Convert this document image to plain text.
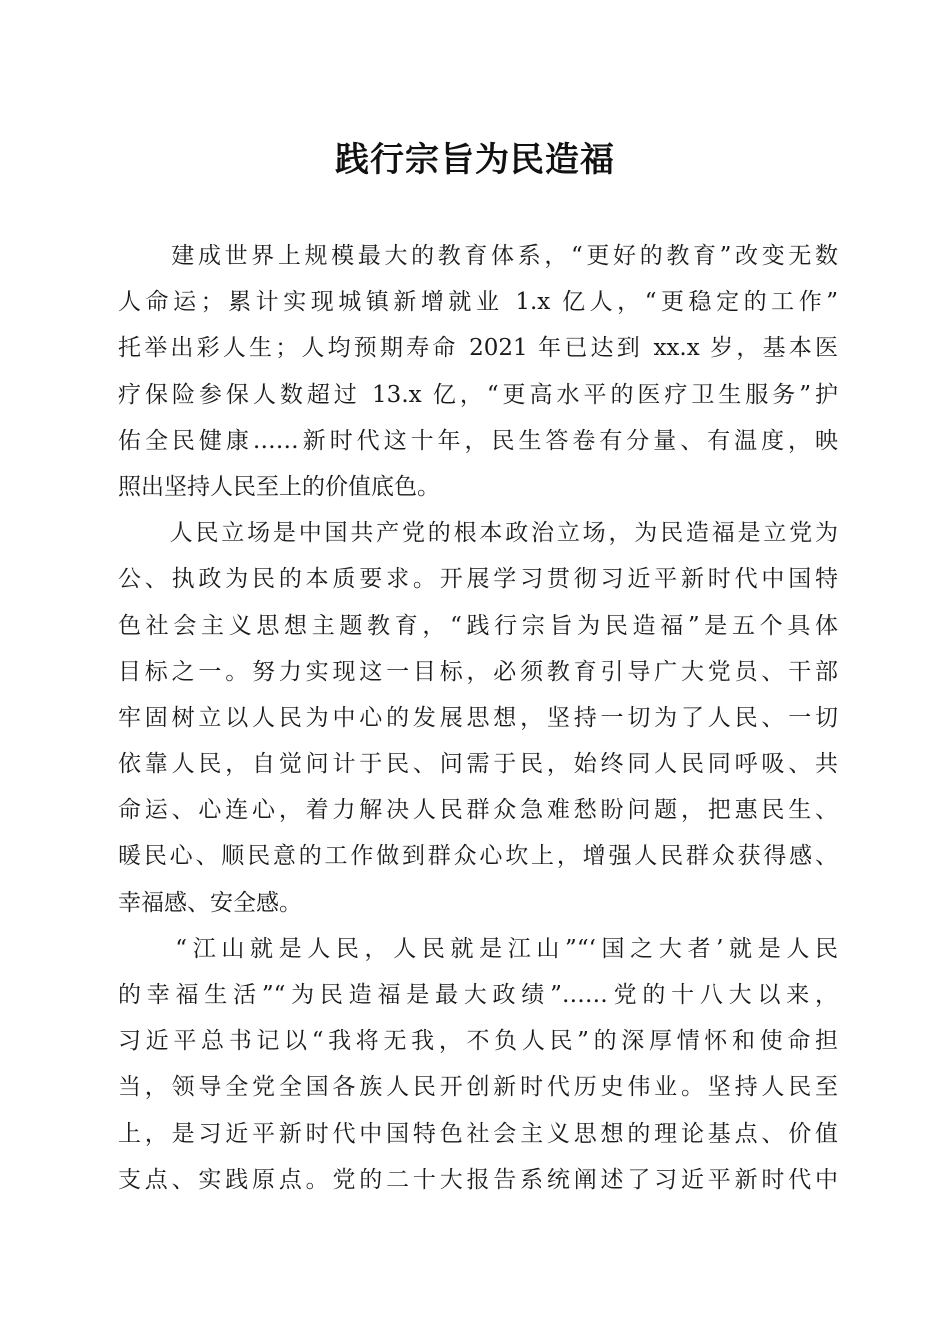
践行宗旨为民造福

　　建成世界上规模最大的教育体系，“更好的教育”改变无数
人命运；累计实现城镇新增就业 1.x 亿人，“更稳定的工作”
托举出彩人生；人均预期寿命 2021 年已达到 xx.x 岁，基本医
疗保险参保人数超过 13.x 亿，“更高水平的医疗卫生服务”护
佑全民健康……新时代这十年，民生答卷有分量、有温度，映
照出坚持人民至上的价值底色。

　　人民立场是中国共产党的根本政治立场，为民造福是立党为
公、执政为民的本质要求。开展学习贯彻习近平新时代中国特
色社会主义思想主题教育，“践行宗旨为民造福”是五个具体
目标之一。努力实现这一目标，必须教育引导广大党员、干部
牢固树立以人民为中心的发展思想，坚持一切为了人民、一切
依靠人民，自觉问计于民、问需于民，始终同人民同呼吸、共
命运、心连心，着力解决人民群众急难愁盼问题，把惠民生、
暖民心、顺民意的工作做到群众心坎上，增强人民群众获得感、
幸福感、安全感。

　　“江山就是人民，人民就是江山”“‘国之大者’就是人民
的幸福生活”“为民造福是最大政绩”……党的十八大以来，
习近平总书记以“我将无我，不负人民”的深厚情怀和使命担
当，领导全党全国各族人民开创新时代历史伟业。坚持人民至
上，是习近平新时代中国特色社会主义思想的理论基点、价值
支点、实践原点。党的二十大报告系统阐述了习近平新时代中
